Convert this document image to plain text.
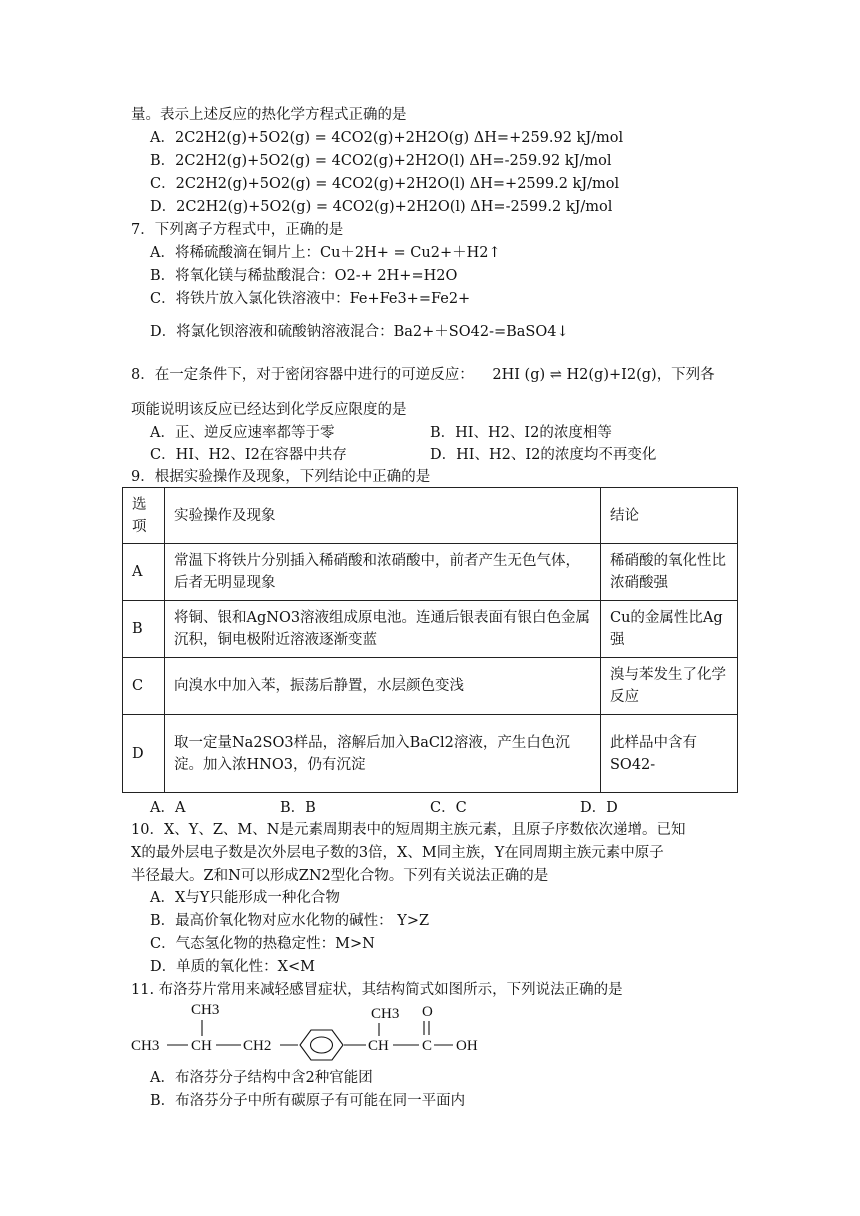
量。表示上述反应的热化学方程式正确的是
A．2C2H2(g)+5O2(g) = 4CO2(g)+2H2O(g) ΔH=+259.92 kJ/mol
B．2C2H2(g)+5O2(g) = 4CO2(g)+2H2O(l) ΔH=-259.92 kJ/mol
C．2C2H2(g)+5O2(g) = 4CO2(g)+2H2O(l) ΔH=+2599.2 kJ/mol
D．2C2H2(g)+5O2(g) = 4CO2(g)+2H2O(l) ΔH=-2599.2 kJ/mol
7．下列离子方程式中，正确的是
A．将稀硫酸滴在铜片上：Cu＋2H+ = Cu2+＋H2↑
B．将氧化镁与稀盐酸混合：O2-+ 2H+=H2O
C．将铁片放入氯化铁溶液中：Fe+Fe3+=Fe2+
D．将氯化钡溶液和硫酸钠溶液混合：Ba2+＋SO42-=BaSO4↓
8．在一定条件下，对于密闭容器中进行的可逆反应： 2HI (g) ⇌ H2(g)+I2(g)，下列各
项能说明该反应已经达到化学反应限度的是
A．正、逆反应速率都等于零	B．HI、H2、I2的浓度相等
C．HI、H2、I2在容器中共存	D．HI、H2、I2的浓度均不再变化
9．根据实验操作及现象，下列结论中正确的是
选项	实验操作及现象	结论
A	常温下将铁片分别插入稀硝酸和浓硝酸中，前者产生无色气体，后者无明显现象	稀硝酸的氧化性比浓硝酸强
B	将铜、银和AgNO3溶液组成原电池。连通后银表面有银白色金属沉积，铜电极附近溶液逐渐变蓝	Cu的金属性比Ag强
C	向溴水中加入苯，振荡后静置，水层颜色变浅	溴与苯发生了化学反应
D	取一定量Na2SO3样品，溶解后加入BaCl2溶液，产生白色沉淀。加入浓HNO3，仍有沉淀	此样品中含有SO42-
A．A	B．B	C．C	D．D
10．X、Y、Z、M、N是元素周期表中的短周期主族元素，且原子序数依次递增。已知
X的最外层电子数是次外层电子数的3倍，X、M同主族，Y在同周期主族元素中原子
半径最大。Z和N可以形成ZN2型化合物。下列有关说法正确的是
A．X与Y只能形成一种化合物
B．最高价氧化物对应水化物的碱性： Y>Z
C．气态氢化物的热稳定性：M>N
D．单质的氧化性：X<M
11. 布洛芬片常用来减轻感冒症状，其结构简式如图所示，下列说法正确的是
CH3	CH3 O
CH3 CH CH2	CH C OH
A．布洛芬分子结构中含2种官能团
B．布洛芬分子中所有碳原子有可能在同一平面内
